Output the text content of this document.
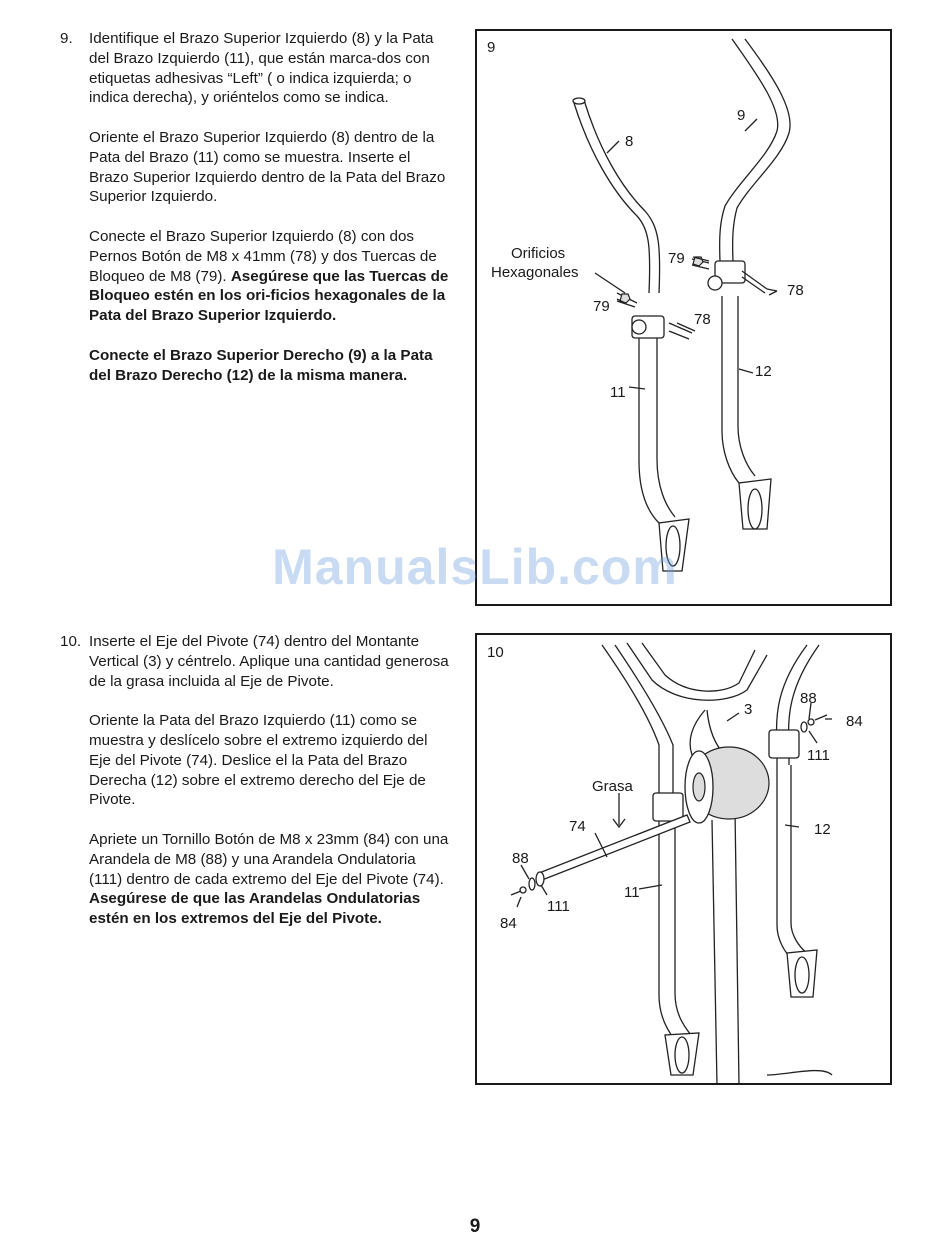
9. Identifique el Brazo Superior Izquierdo (8) y la Pata del Brazo Izquierdo (11), que están marca-dos con etiquetas adhesivas “Left” ( o indica izquierda; o indica derecha), y oriéntelos como se indica.

Oriente el Brazo Superior Izquierdo (8) dentro de la Pata del Brazo (11) como se muestra. Inserte el Brazo Superior Izquierdo dentro de la Pata del Brazo Superior Izquierdo.

Conecte el Brazo Superior Izquierdo (8) con dos Pernos Botón de M8 x 41mm (78) y dos Tuercas de Bloqueo de M8 (79). Asegúrese que las Tuercas de Bloqueo estén en los ori-ficios hexagonales de la Pata del Brazo Superior Izquierdo.

Conecte el Brazo Superior Derecho (9) a la Pata del Brazo Derecho (12) de la misma manera.

9
8
9
Orificios
Hexagonales
79
79
78
78
11
12
10. Inserte el Eje del Pivote (74) dentro del Montante Vertical (3) y céntrelo. Aplique una cantidad generosa de la grasa incluida al Eje de Pivote.

Oriente la Pata del Brazo Izquierdo (11) como se muestra y deslícelo sobre el extremo izquierdo del Eje del Pivote (74). Deslice el la Pata del Brazo Derecha (12) sobre el extremo derecho del Eje de Pivote.

Apriete un Tornillo Botón de M8 x 23mm (84) con una Arandela de M8 (88) y una Arandela Ondulatoria (111) dentro de cada extremo del Eje del Pivote (74). Asegúrese de que las Arandelas Ondulatorias estén en los extremos del Eje del Pivote.

10
3
88
84
111
Grasa
74	12
88
111
11
84
ManualsLib.com
9
